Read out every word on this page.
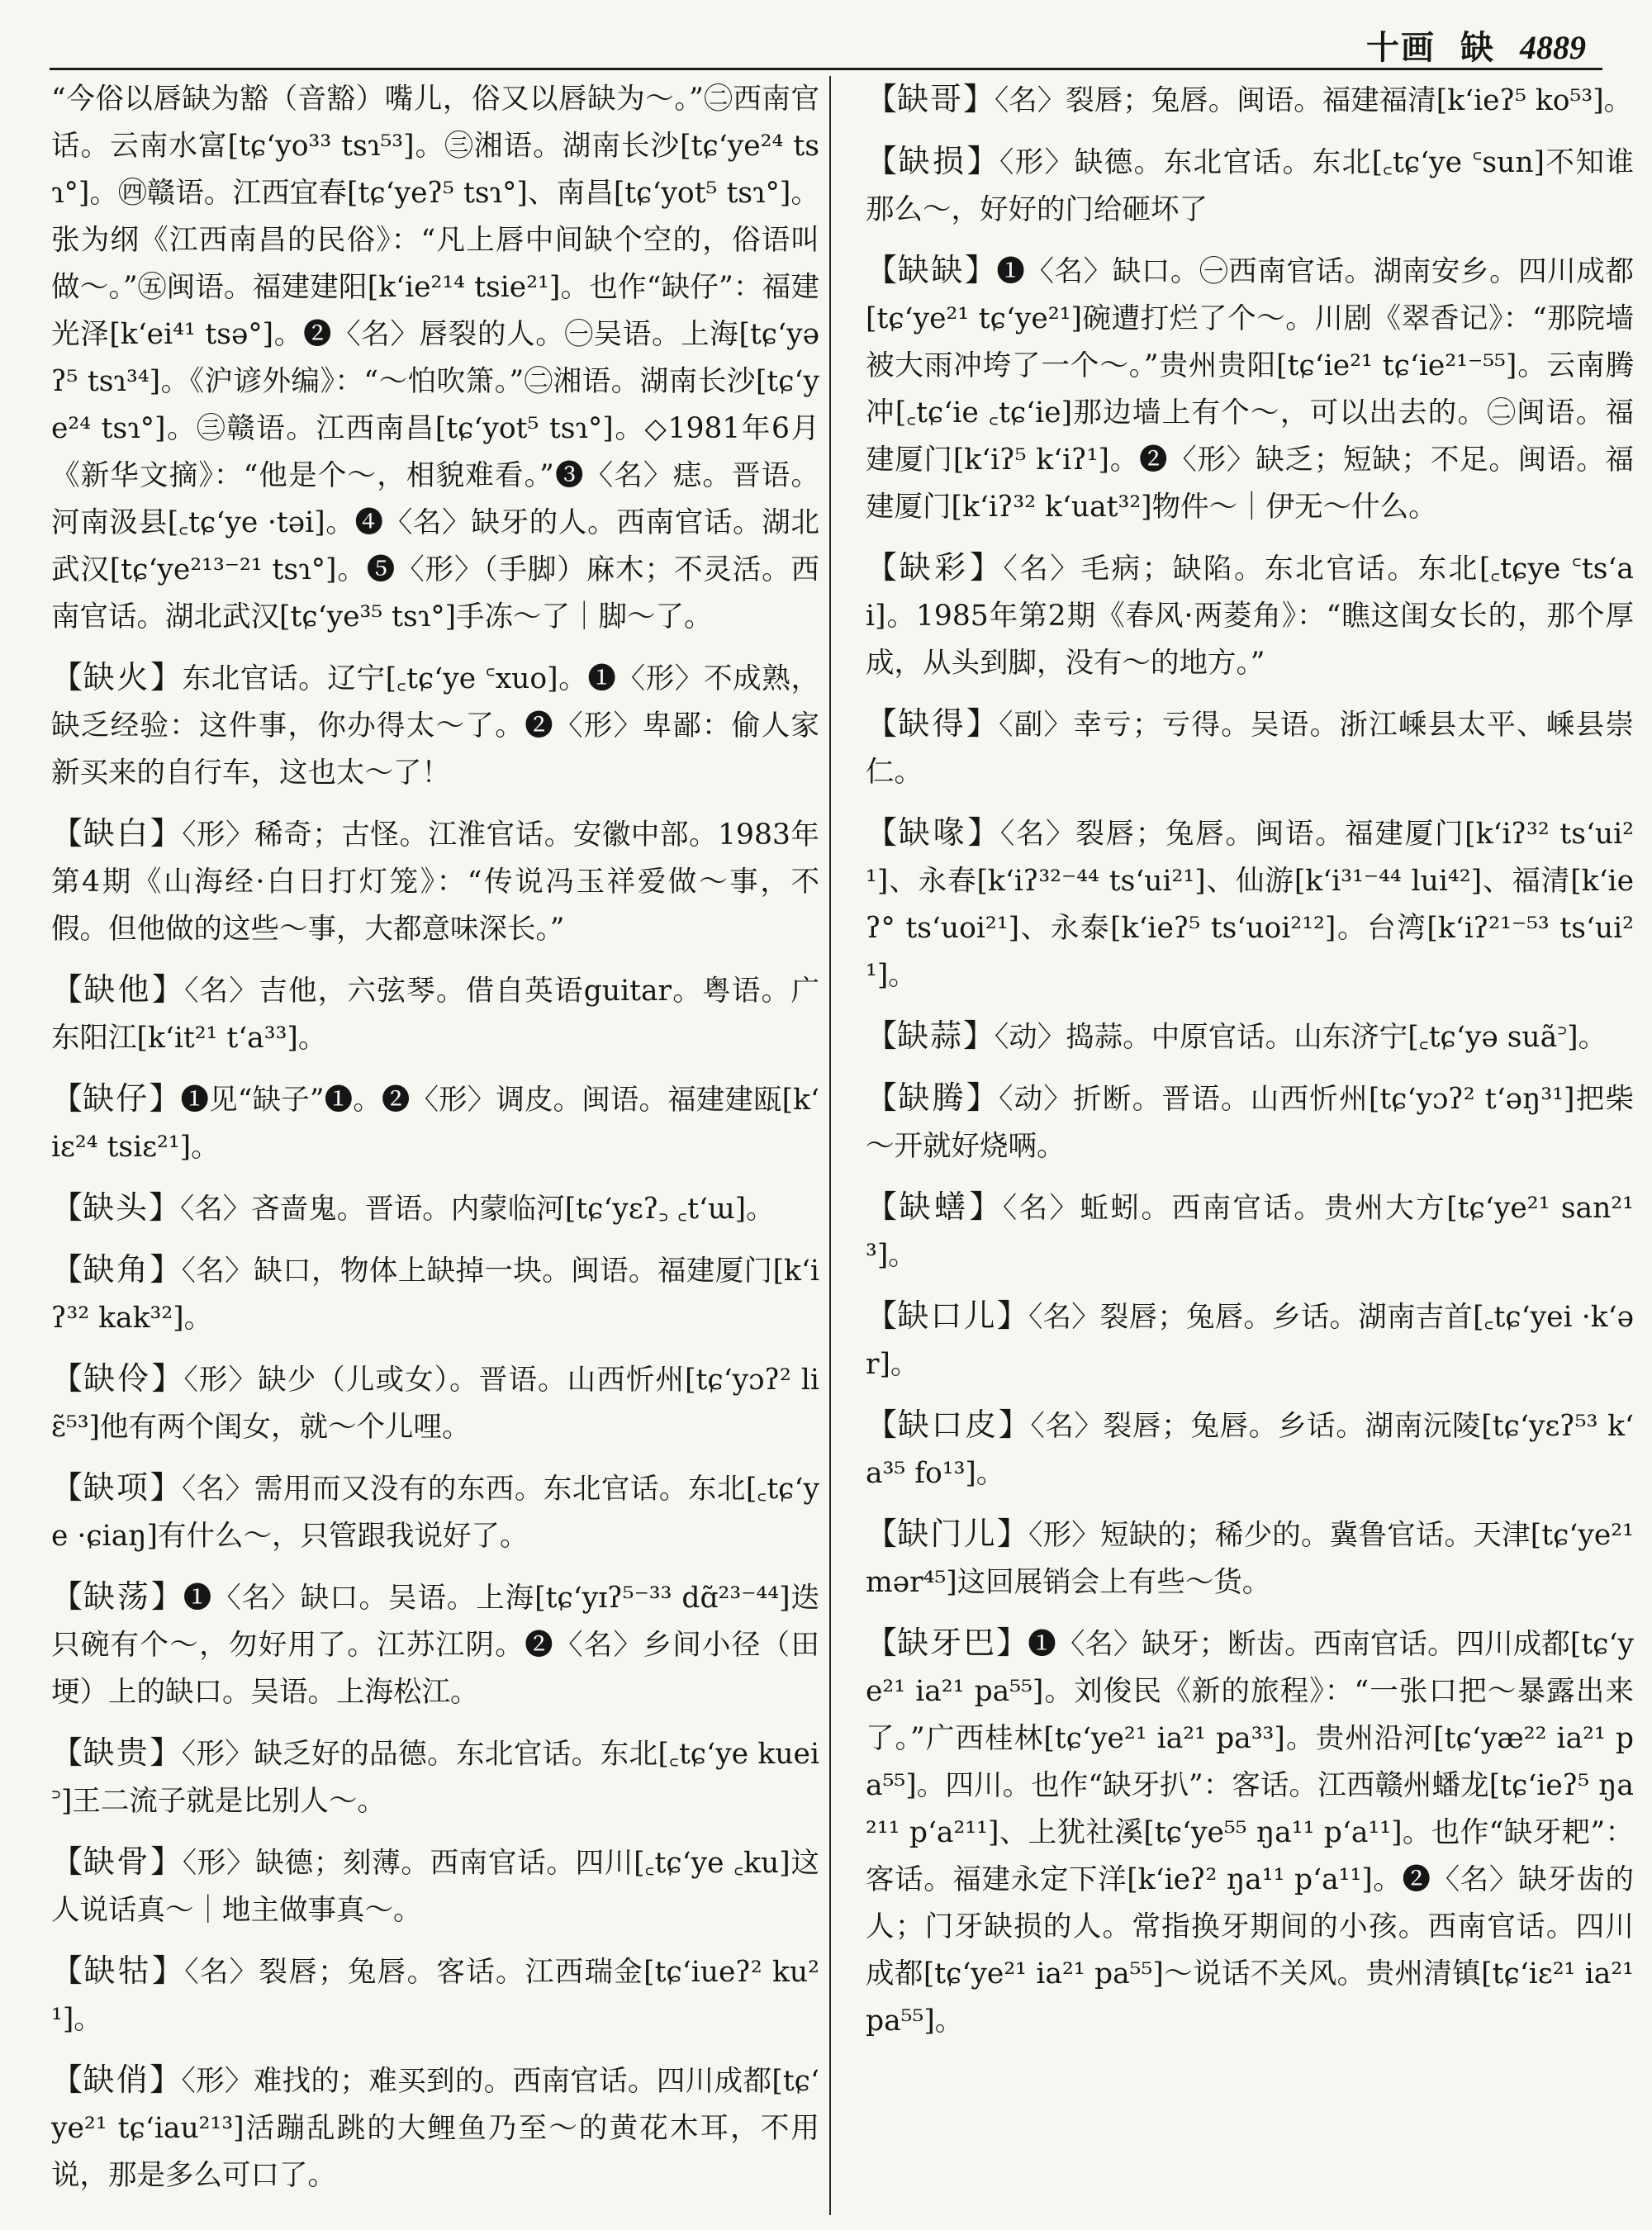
十画 缺 4889

“今俗以唇缺为豁（音豁）嘴儿，俗又以唇缺为～。”㊁西南官话。云南水富[tɕʻyo³³ tsɿ⁵³]。㊂湘语。湖南长沙[tɕʻye²⁴ tsɿ°]。㊃赣语。江西宜春[tɕʻyeʔ⁵ tsɿ°]、南昌[tɕʻyot⁵ tsɿ°]。张为纲《江西南昌的民俗》：“凡上唇中间缺个空的，俗语叫做～。”㊄闽语。福建建阳[kʻie²¹⁴ tsie²¹]。也作“缺仔”：福建光泽[kʻei⁴¹ tsə°]。❷〈名〉唇裂的人。㊀吴语。上海[tɕʻyəʔ⁵ tsɿ³⁴]。《沪谚外编》：“～怕吹箫。”㊁湘语。湖南长沙[tɕʻye²⁴ tsɿ°]。㊂赣语。江西南昌[tɕʻyot⁵ tsɿ°]。◇1981年6月《新华文摘》：“他是个～，相貌难看。”❸〈名〉痣。晋语。河南汲县[꜀tɕʻye ·təi]。❹〈名〉缺牙的人。西南官话。湖北武汉[tɕʻye²¹³⁻²¹ tsɿ°]。❺〈形〉（手脚）麻木；不灵活。西南官话。湖北武汉[tɕʻye³⁵ tsɿ°]手冻～了｜脚～了。

【缺火】东北官话。辽宁[꜀tɕʻye ꜂xuo]。❶〈形〉不成熟，缺乏经验：这件事，你办得太～了。❷〈形〉卑鄙：偷人家新买来的自行车，这也太～了！

【缺白】〈形〉稀奇；古怪。江淮官话。安徽中部。1983年第4期《山海经·白日打灯笼》：“传说冯玉祥爱做～事，不假。但他做的这些～事，大都意味深长。”

【缺他】〈名〉吉他，六弦琴。借自英语guitar。粤语。广东阳江[kʻit²¹ tʻa³³]。

【缺仔】❶见“缺子”❶。❷〈形〉调皮。闽语。福建建瓯[kʻiɛ²⁴ tsiɛ²¹]。

【缺头】〈名〉吝啬鬼。晋语。内蒙临河[tɕʻyɛʔ꜆ ꜀tʻɯ]。

【缺角】〈名〉缺口，物体上缺掉一块。闽语。福建厦门[kʻiʔ³² kak³²]。

【缺伶】〈形〉缺少（儿或女）。晋语。山西忻州[tɕʻyɔʔ² liɛ̃⁵³]他有两个闺女，就～个儿哩。

【缺项】〈名〉需用而又没有的东西。东北官话。东北[꜀tɕʻye ·ɕiaŋ]有什么～，只管跟我说好了。

【缺荡】❶〈名〉缺口。吴语。上海[tɕʻyɪʔ⁵⁻³³ dɑ̃²³⁻⁴⁴]迭只碗有个～，勿好用了。江苏江阴。❷〈名〉乡间小径（田埂）上的缺口。吴语。上海松江。

【缺贵】〈形〉缺乏好的品德。东北官话。东北[꜀tɕʻye kuei꜄]王二流子就是比别人～。

【缺骨】〈形〉缺德；刻薄。西南官话。四川[꜀tɕʻye ꜀ku]这人说话真～｜地主做事真～。

【缺牯】〈名〉裂唇；兔唇。客话。江西瑞金[tɕʻiueʔ² ku²¹]。

【缺俏】〈形〉难找的；难买到的。西南官话。四川成都[tɕʻye²¹ tɕʻiau²¹³]活蹦乱跳的大鲤鱼乃至～的黄花木耳，不用说，那是多么可口了。

【缺哥】〈名〉裂唇；兔唇。闽语。福建福清[kʻieʔ⁵ ko⁵³]。

【缺损】〈形〉缺德。东北官话。东北[꜀tɕʻye ꜂sun]不知谁那么～，好好的门给砸坏了

【缺缺】❶〈名〉缺口。㊀西南官话。湖南安乡。四川成都[tɕʻye²¹ tɕʻye²¹]碗遭打烂了个～。川剧《翠香记》：“那院墙被大雨冲垮了一个～。”贵州贵阳[tɕʻie²¹ tɕʻie²¹⁻⁵⁵]。云南腾冲[꜀tɕʻie ꜀tɕʻie]那边墙上有个～，可以出去的。㊁闽语。福建厦门[kʻiʔ⁵ kʻiʔ¹]。❷〈形〉缺乏；短缺；不足。闽语。福建厦门[kʻiʔ³² kʻuat³²]物件～｜伊无～什么。

【缺彩】〈名〉毛病；缺陷。东北官话。东北[꜀tɕye ꜂tsʻai]。1985年第2期《春风·两菱角》：“瞧这闺女长的，那个厚成，从头到脚，没有～的地方。”

【缺得】〈副〉幸亏；亏得。吴语。浙江嵊县太平、嵊县崇仁。

【缺喙】〈名〉裂唇；兔唇。闽语。福建厦门[kʻiʔ³² tsʻui²¹]、永春[kʻiʔ³²⁻⁴⁴ tsʻui²¹]、仙游[kʻi³¹⁻⁴⁴ lui⁴²]、福清[kʻieʔ° tsʻuoi²¹]、永泰[kʻieʔ⁵ tsʻuoi²¹²]。台湾[kʻiʔ²¹⁻⁵³ tsʻui²¹]。

【缺蒜】〈动〉捣蒜。中原官话。山东济宁[꜀tɕʻyə suã꜄]。

【缺腾】〈动〉折断。晋语。山西忻州[tɕʻyɔʔ² tʻəŋ³¹]把柴～开就好烧唡。

【缺蟮】〈名〉蚯蚓。西南官话。贵州大方[tɕʻye²¹ san²¹³]。

【缺口儿】〈名〉裂唇；兔唇。乡话。湖南吉首[꜀tɕʻyei ·kʻər]。

【缺口皮】〈名〉裂唇；兔唇。乡话。湖南沅陵[tɕʻyɛʔ⁵³ kʻa³⁵ fo¹³]。

【缺门儿】〈形〉短缺的；稀少的。冀鲁官话。天津[tɕʻye²¹ mər⁴⁵]这回展销会上有些～货。

【缺牙巴】❶〈名〉缺牙；断齿。西南官话。四川成都[tɕʻye²¹ ia²¹ pa⁵⁵]。刘俊民《新的旅程》：“一张口把～暴露出来了。”广西桂林[tɕʻye²¹ ia²¹ pa³³]。贵州沿河[tɕʻyæ²² ia²¹ pa⁵⁵]。四川。也作“缺牙扒”：客话。江西赣州蟠龙[tɕʻieʔ⁵ ŋa²¹¹ pʻa²¹¹]、上犹社溪[tɕʻye⁵⁵ ŋa¹¹ pʻa¹¹]。也作“缺牙耙”：客话。福建永定下洋[kʻieʔ² ŋa¹¹ pʻa¹¹]。❷〈名〉缺牙齿的人；门牙缺损的人。常指换牙期间的小孩。西南官话。四川成都[tɕʻye²¹ ia²¹ pa⁵⁵]～说话不关风。贵州清镇[tɕʻiɛ²¹ ia²¹ pa⁵⁵]。
